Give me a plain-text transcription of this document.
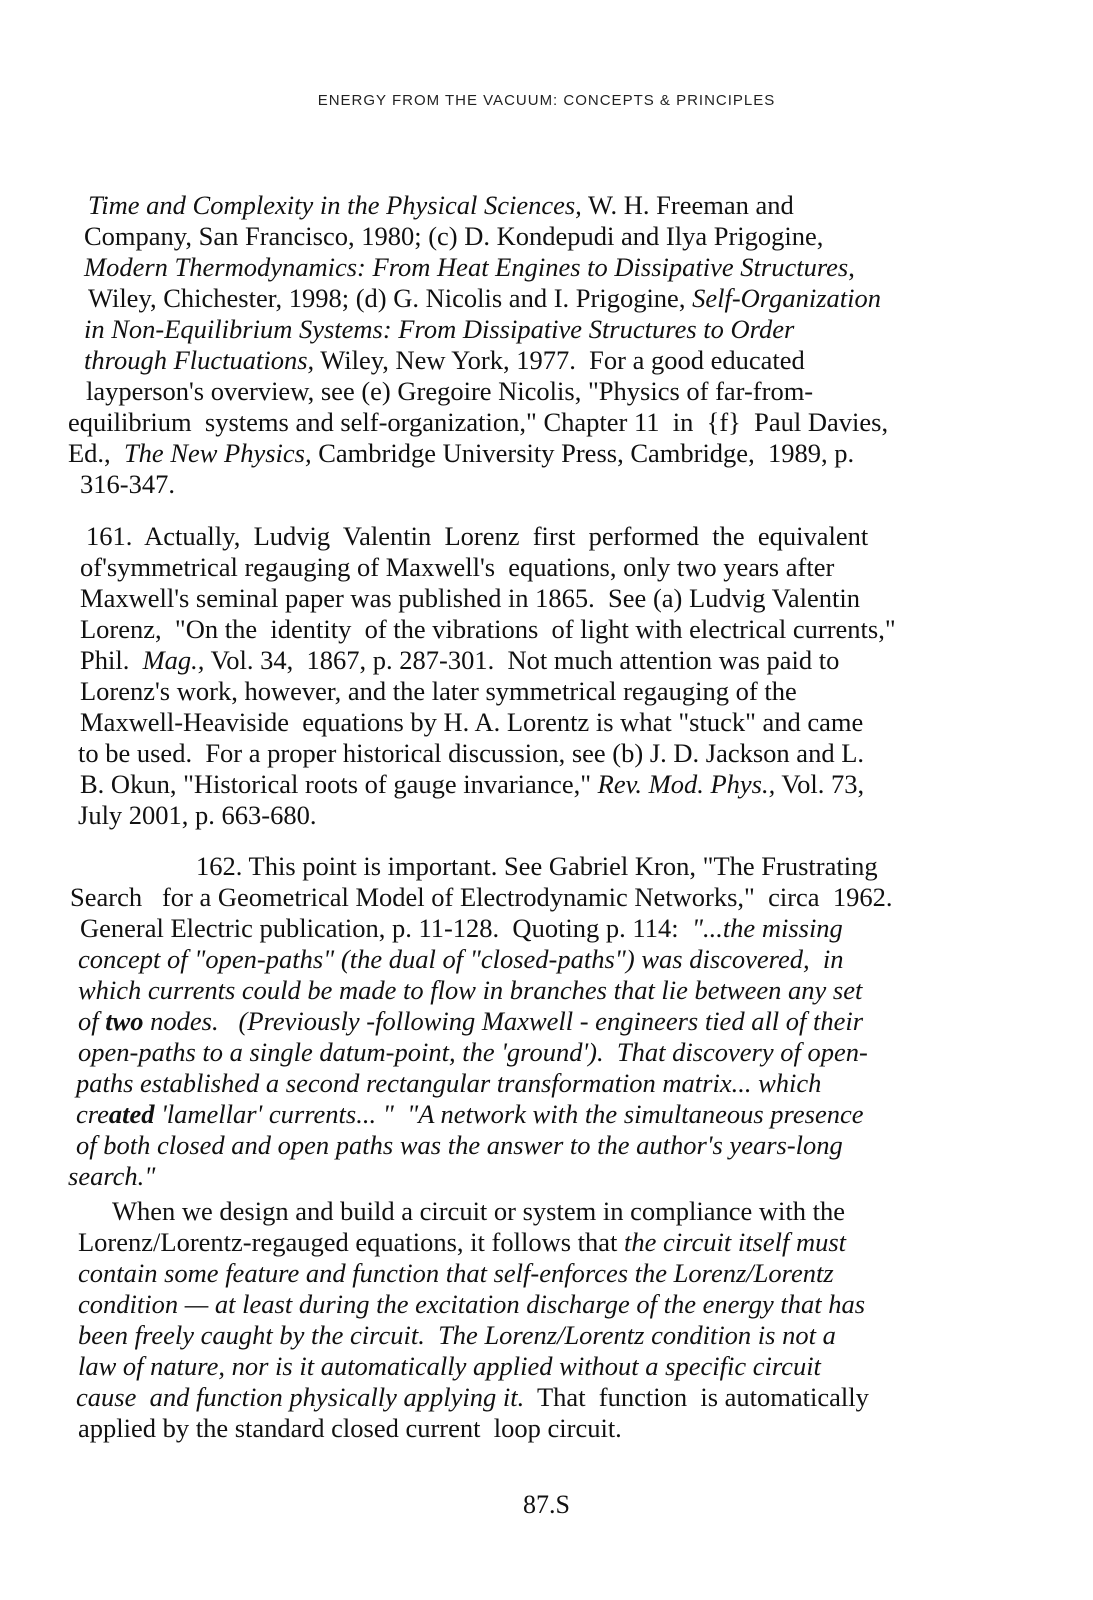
ENERGY FROM THE VACUUM: CONCEPTS & PRINCIPLES
Time and Complexity in the Physical Sciences, W. H. Freeman and
Company, San Francisco, 1980; (c) D. Kondepudi and Ilya Prigogine,
Modern Thermodynamics: From Heat Engines to Dissipative Structures,
Wiley, Chichester, 1998; (d) G. Nicolis and I. Prigogine, Self-Organization
in Non-Equilibrium Systems: From Dissipative Structures to Order
through Fluctuations, Wiley, New York, 1977.  For a good educated
layperson's overview, see (e) Gregoire Nicolis, "Physics of far-from-
equilibrium  systems and self-organization," Chapter 11  in  {f}  Paul Davies,
Ed.,  The New Physics, Cambridge University Press, Cambridge,  1989, p.
316-347.
161.  Actually,  Ludvig  Valentin  Lorenz  first  performed  the  equivalent
of'symmetrical regauging of Maxwell's  equations, only two years after
Maxwell's seminal paper was published in 1865.  See (a) Ludvig Valentin
Lorenz,  "On the  identity  of the vibrations  of light with electrical currents,"
Phil.  Mag., Vol. 34,  1867, p. 287-301.  Not much attention was paid to
Lorenz's work, however, and the later symmetrical regauging of the
Maxwell-Heaviside  equations by H. A. Lorentz is what "stuck" and came
to be used.  For a proper historical discussion, see (b) J. D. Jackson and L.
B. Okun, "Historical roots of gauge invariance," Rev. Mod. Phys., Vol. 73,
July 2001, p. 663-680.
162. This point is important. See Gabriel Kron, "The Frustrating
Search   for a Geometrical Model of Electrodynamic Networks,"  circa  1962.
General Electric publication, p. 11-128.  Quoting p. 114:  "...the missing
concept of "open-paths" (the dual of "closed-paths") was discovered,  in
which currents could be made to flow in branches that lie between any set
of two nodes.   (Previously -following Maxwell - engineers tied all of their
open-paths to a single datum-point, the 'ground').  That discovery of open-
paths established a second rectangular transformation matrix... which
created 'lamellar' currents... "  "A network with the simultaneous presence
of both closed and open paths was the answer to the author's years-long
search."
When we design and build a circuit or system in compliance with the
Lorenz/Lorentz-regauged equations, it follows that the circuit itself must
contain some feature and function that self-enforces the Lorenz/Lorentz
condition — at least during the excitation discharge of the energy that has
been freely caught by the circuit.  The Lorenz/Lorentz condition is not a
law of nature, nor is it automatically applied without a specific circuit
cause  and function physically applying it.  That  function  is automatically
applied by the standard closed current  loop circuit.
87.S
